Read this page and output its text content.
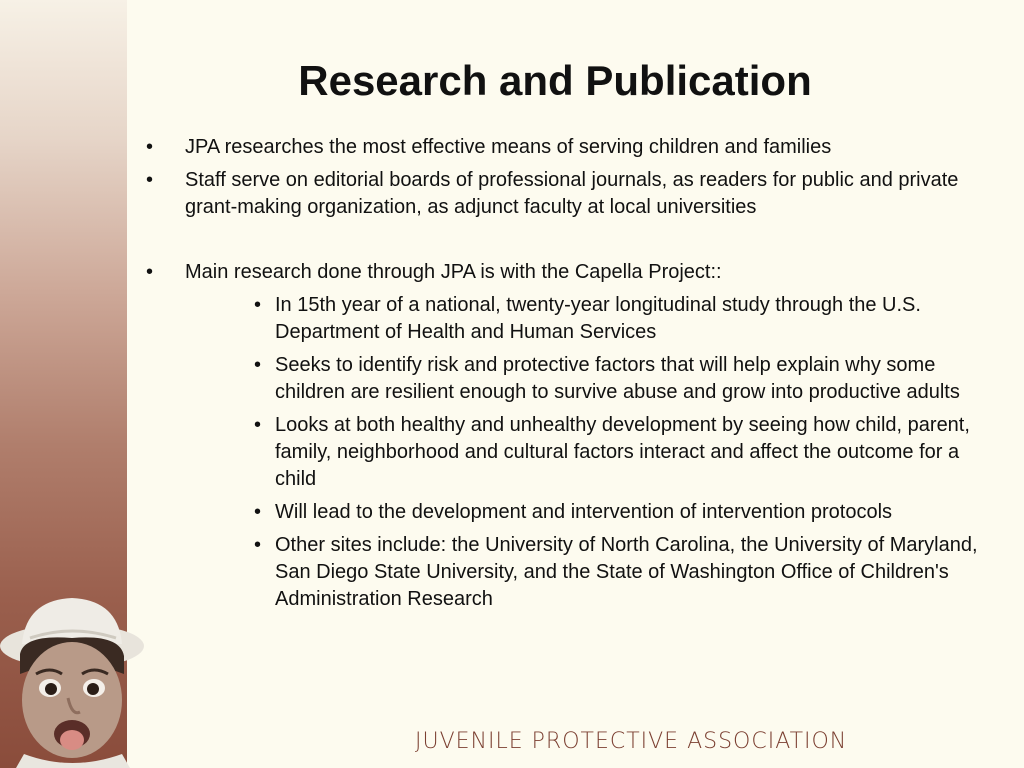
Research and Publication
• JPA researches the most effective means of serving children and families
• Staff serve on editorial boards of professional journals, as readers for public and private grant-making organization, as adjunct faculty at local universities
• Main research done through JPA is with the Capella Project::
• In 15th year of a national, twenty-year longitudinal study through the U.S. Department of Health and Human Services
• Seeks to identify risk and protective factors that will help explain why some children are resilient enough to survive abuse and grow into productive adults
• Looks at both healthy and unhealthy development by seeing how child, parent, family, neighborhood and cultural factors interact and affect the outcome for a child
• Will lead to the development and intervention of intervention protocols
• Other sites include: the University of North Carolina, the University of Maryland, San Diego State University, and the State of Washington Office of Children's Administration Research
JUVENILE PROTECTIVE ASSOCIATION
